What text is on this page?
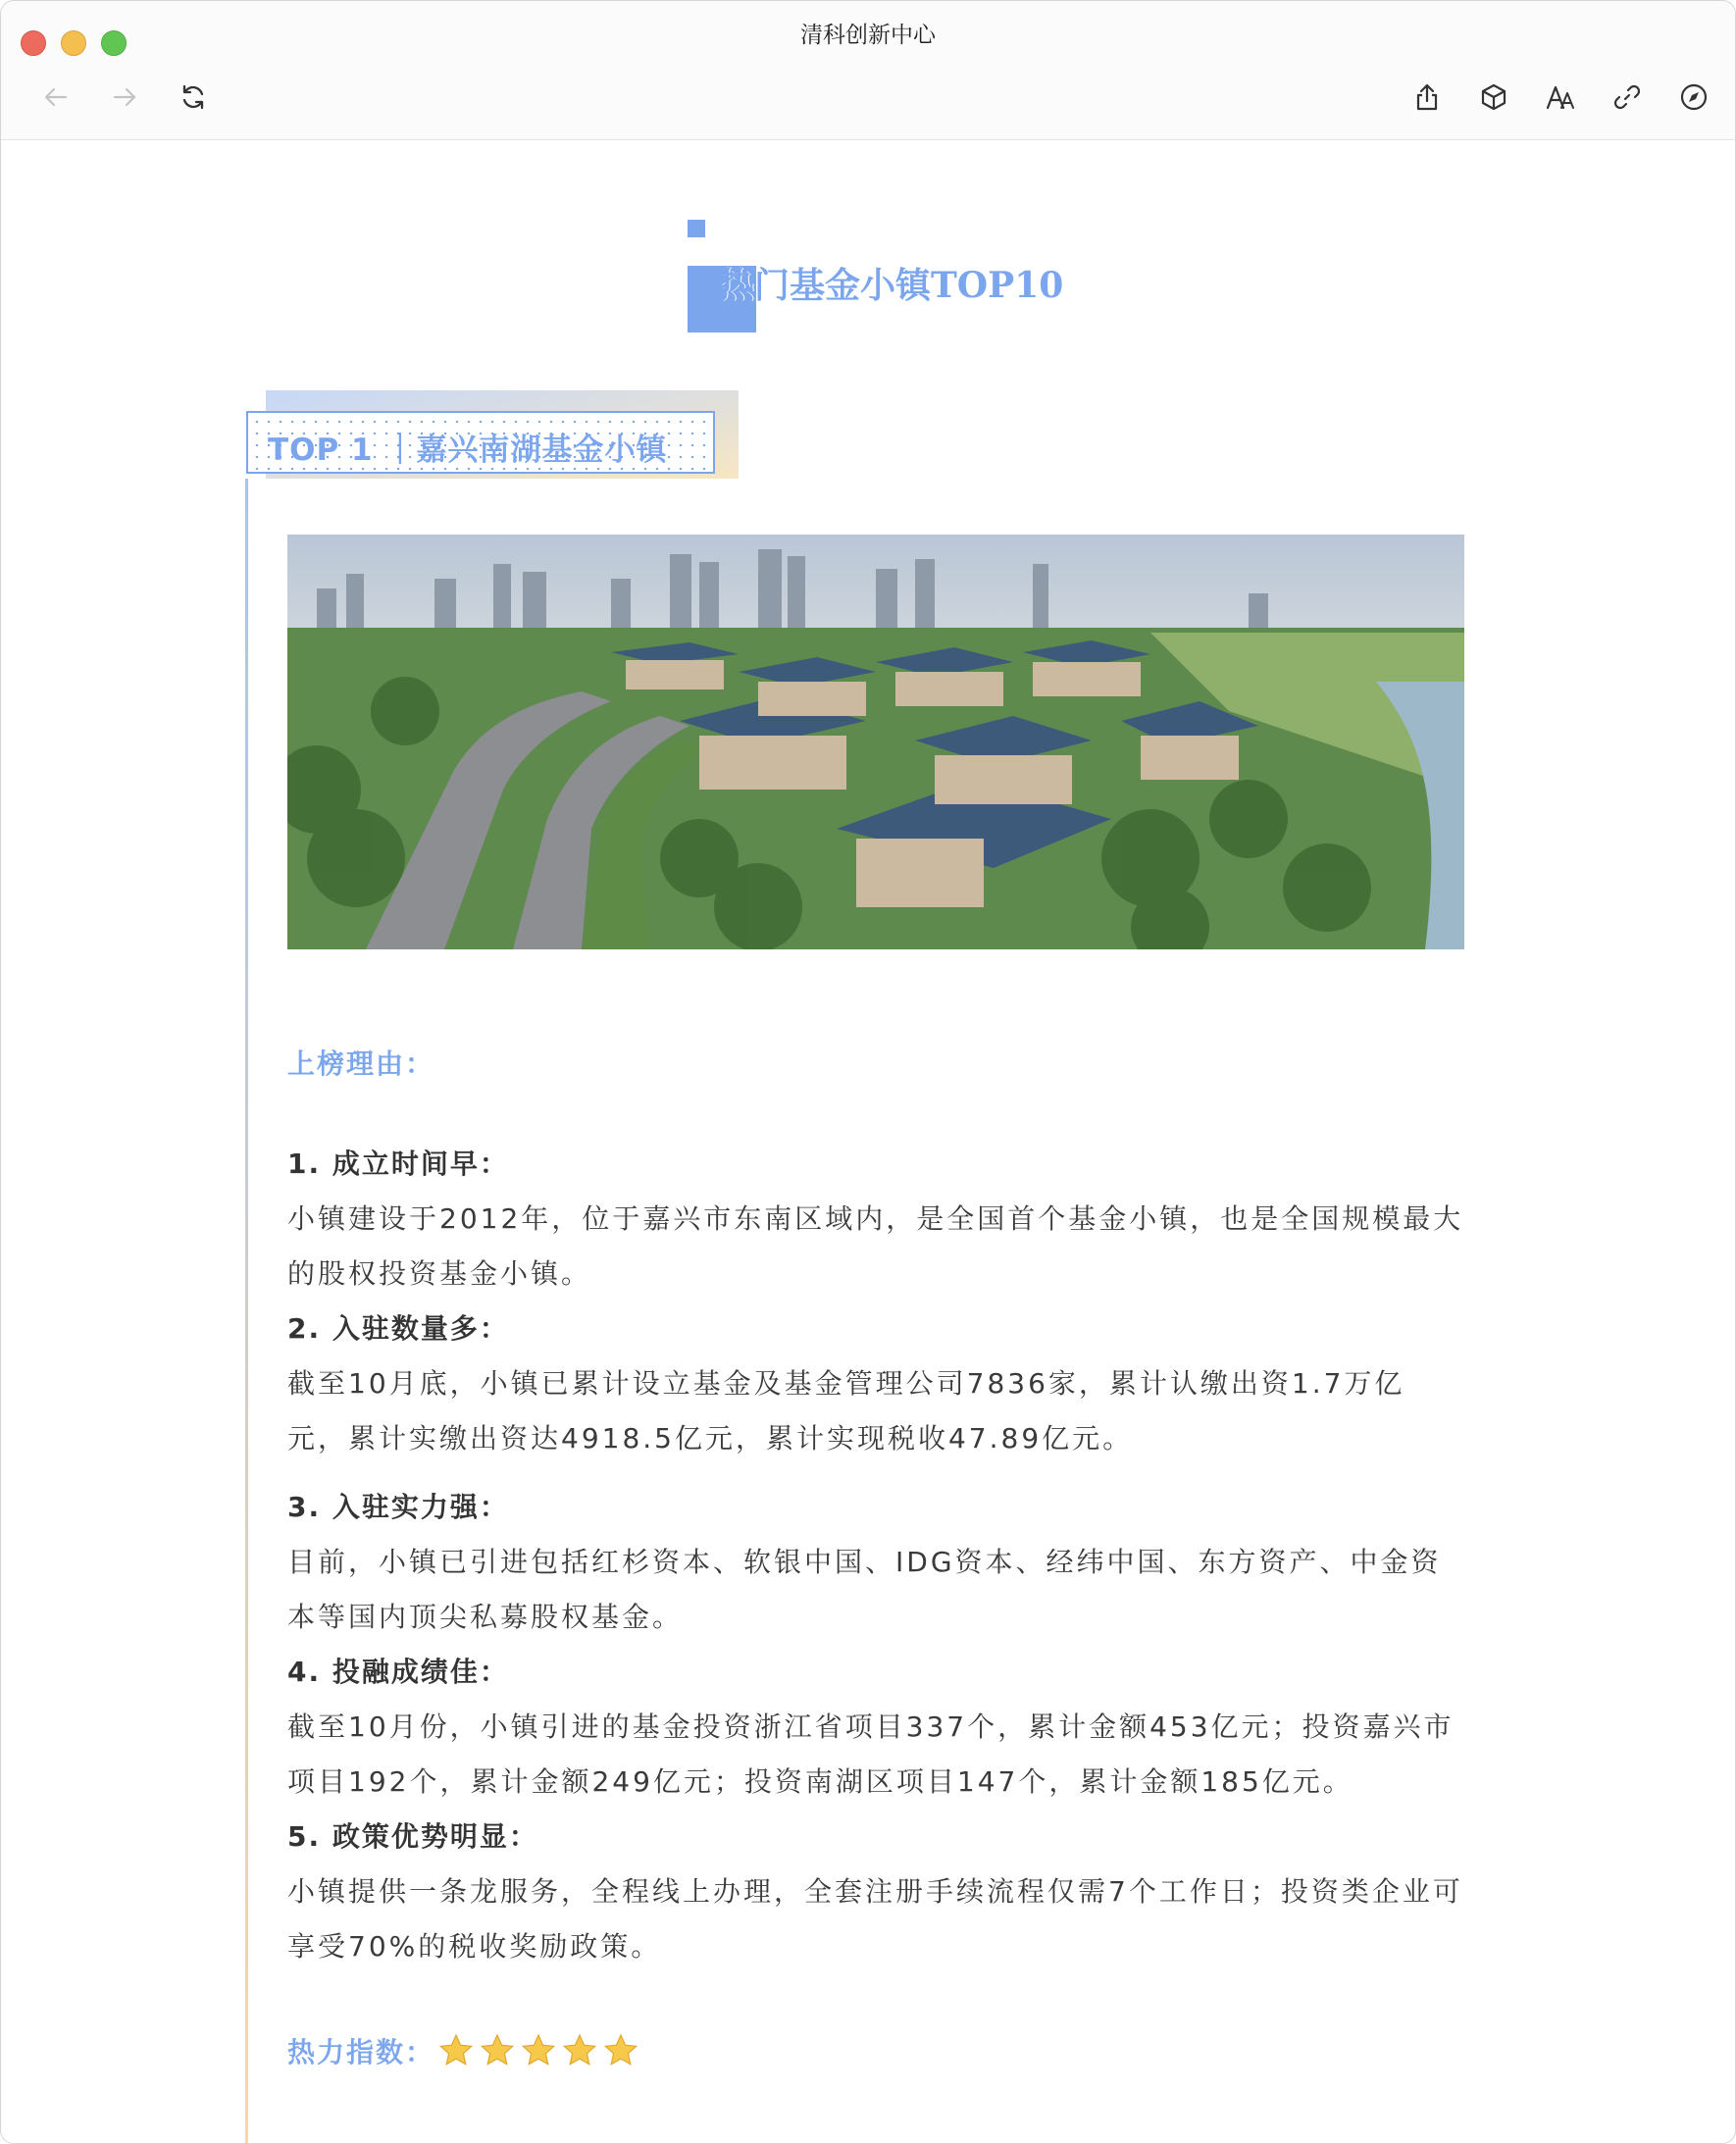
清科创新中心
热门基金小镇TOP10
TOP 1 ｜嘉兴南湖基金小镇
上榜理由：
1. 成立时间早：
小镇建设于2012年，位于嘉兴市东南区域内，是全国首个基金小镇，也是全国规模最大的股权投资基金小镇。
2. 入驻数量多：
截至10月底，小镇已累计设立基金及基金管理公司7836家，累计认缴出资1.7万亿元，累计实缴出资达4918.5亿元，累计实现税收47.89亿元。
3. 入驻实力强：
目前，小镇已引进包括红杉资本、软银中国、IDG资本、经纬中国、东方资产、中金资本等国内顶尖私募股权基金。
4. 投融成绩佳：
截至10月份，小镇引进的基金投资浙江省项目337个，累计金额453亿元；投资嘉兴市项目192个，累计金额249亿元；投资南湖区项目147个，累计金额185亿元。
5. 政策优势明显：
小镇提供一条龙服务，全程线上办理，全套注册手续流程仅需7个工作日；投资类企业可享受70%的税收奖励政策。
热力指数：
